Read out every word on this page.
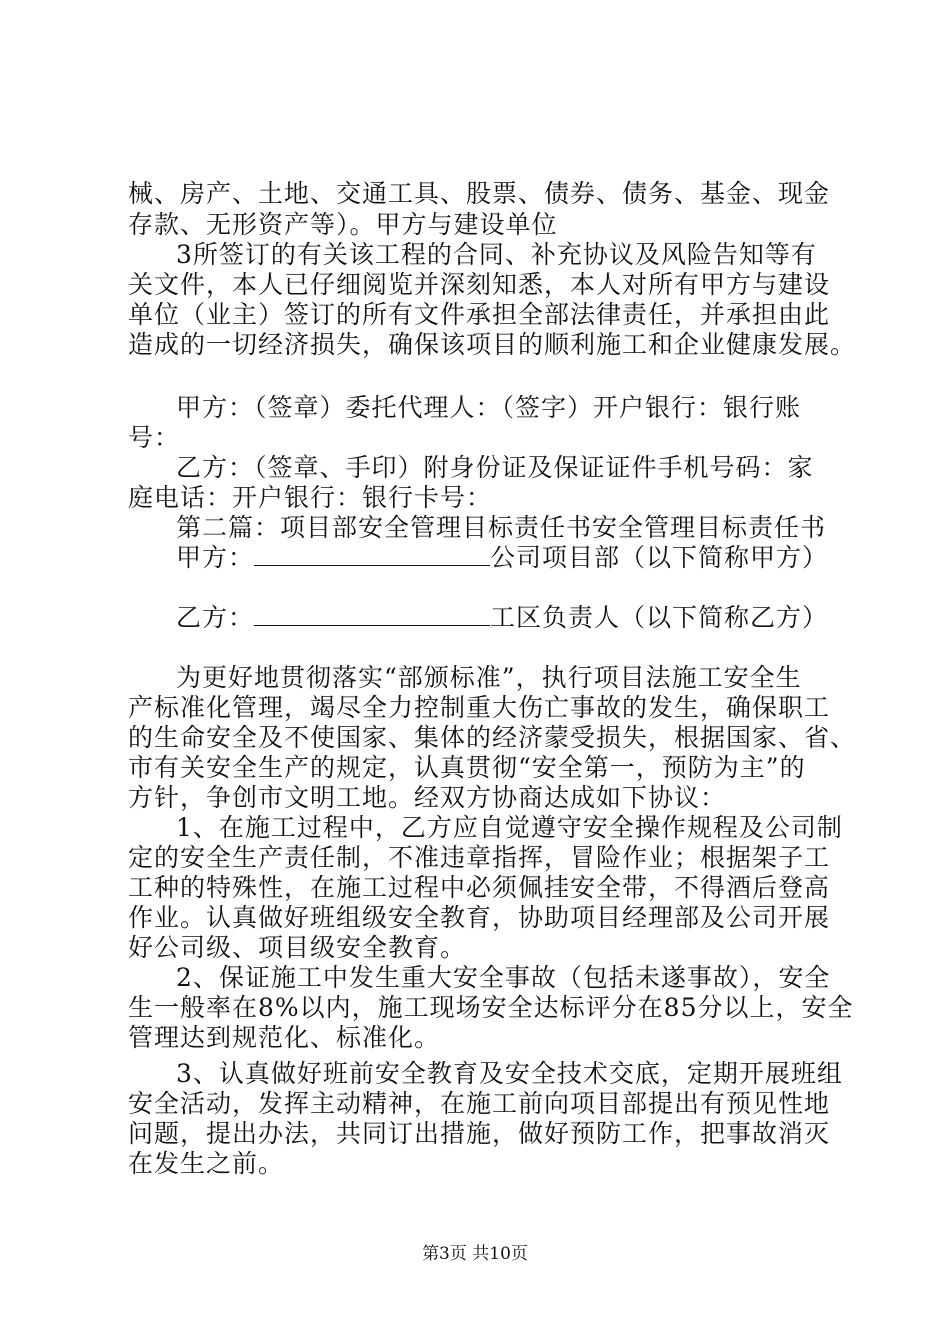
械、房产、土地、交通工具、股票、债券、债务、基金、现金
存款、无形资产等）。甲方与建设单位
3所签订的有关该工程的合同、补充协议及风险告知等有
关文件，本人已仔细阅览并深刻知悉，本人对所有甲方与建设
单位（业主）签订的所有文件承担全部法律责任，并承担由此
造成的一切经济损失，确保该项目的顺利施工和企业健康发展。
甲方：（签章）委托代理人：（签字）开户银行：银行账
号：
乙方：（签章、手印）附身份证及保证证件手机号码：家
庭电话：开户银行：银行卡号：
第二篇：项目部安全管理目标责任书安全管理目标责任书
甲方：	公司项目部（以下简称甲方）
乙方：	工区负责人（以下简称乙方）
为更好地贯彻落实“部颁标准”，执行项目法施工安全生
产标准化管理，竭尽全力控制重大伤亡事故的发生，确保职工
的生命安全及不使国家、集体的经济蒙受损失，根据国家、省、
市有关安全生产的规定，认真贯彻“安全第一，预防为主”的
方针，争创市文明工地。经双方协商达成如下协议：
1、在施工过程中，乙方应自觉遵守安全操作规程及公司制
定的安全生产责任制，不准违章指挥，冒险作业；根据架子工
工种的特殊性，在施工过程中必须佩挂安全带，不得酒后登高
作业。认真做好班组级安全教育，协助项目经理部及公司开展
好公司级、项目级安全教育。
2、保证施工中发生重大安全事故（包括未遂事故），安全
生一般率在8%以内，施工现场安全达标评分在85分以上，安全
管理达到规范化、标准化。
3、认真做好班前安全教育及安全技术交底，定期开展班组
安全活动，发挥主动精神，在施工前向项目部提出有预见性地
问题，提出办法，共同订出措施，做好预防工作，把事故消灭
在发生之前。
第3页 共10页
